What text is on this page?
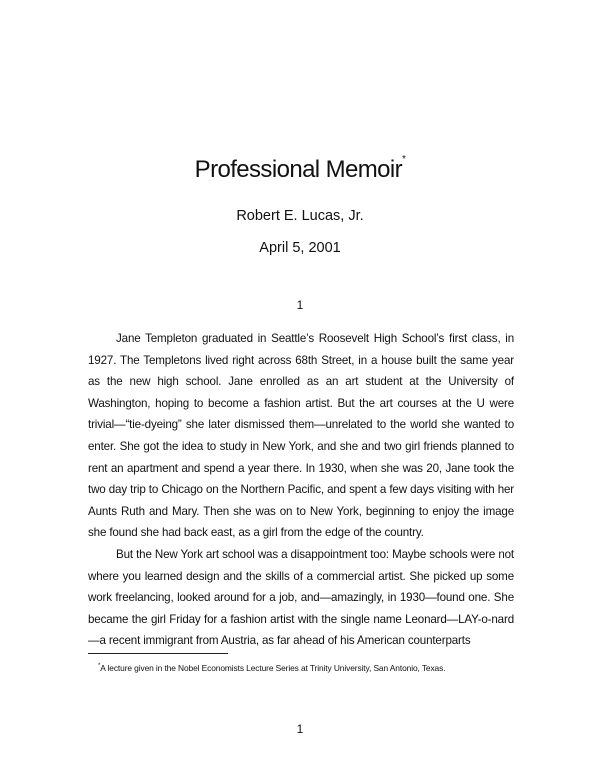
Professional Memoir*
Robert E. Lucas, Jr.
April 5, 2001
1

Jane Templeton graduated in Seattle’s Roosevelt High School’s ﬁrst class, in 1927. The Templetons lived right across 68th Street, in a house built the same year as the new high school. Jane enrolled as an art student at the University of Washington, hoping to become a fashion artist. But the art courses at the U were trivial—“tie-dyeing” she later dismissed them—unrelated to the world she wanted to enter. She got the idea to study in New York, and she and two girl friends planned to rent an apartment and spend a year there. In 1930, when she was 20, Jane took the two day trip to Chicago on the Northern Paciﬁc, and spent a few days visiting with her Aunts Ruth and Mary. Then she was on to New York, beginning to enjoy the image she found she had back east, as a girl from the edge of the country.

But the New York art school was a disappointment too: Maybe schools were not where you learned design and the skills of a commercial artist. She picked up some work freelancing, looked around for a job, and—amazingly, in 1930—found one. She became the girl Friday for a fashion artist with the single name Leonard—LAY-o-nard—a recent immigrant from Austria, as far ahead of his American counterparts

*A lecture given in the Nobel Economists Lecture Series at Trinity University, San Antonio, Texas.
1
